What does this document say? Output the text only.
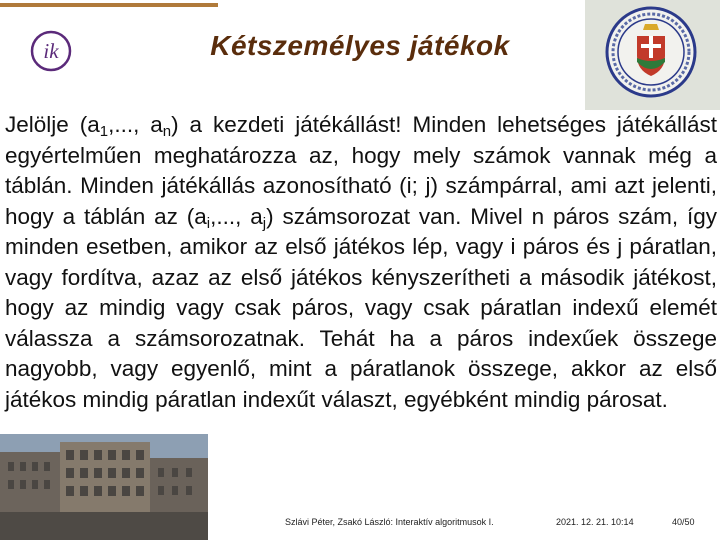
ik	Kétszemélyes játékok

Jelölje ($a_1$,..., $a_n$) a kezdeti játékállást! Minden lehetséges játékállást egyértelműen meghatározza az, hogy mely számok vannak még a táblán. Minden játékállás azonosítható (i; j) számpárral, ami azt jelenti, hogy a táblán az ($a_i$,..., $a_j$) számsorozat van. Mivel n páros szám, így minden esetben, amikor az első játékos lép, vagy i páros és j páratlan, vagy fordítva, azaz az első játékos kényszerítheti a második játékost, hogy az mindig vagy csak páros, vagy csak páratlan indexű elemét válassza a számsorozatnak. Tehát ha a páros indexűek összege nagyobb, vagy egyenlő, mint a páratlanok összege, akkor az első játékos mindig páratlan indexűt választ, egyébként mindig párosat.

Szlávi Péter, Zsakó László: Interaktív algoritmusok I.	2021. 12. 21. 10:14	40/50
